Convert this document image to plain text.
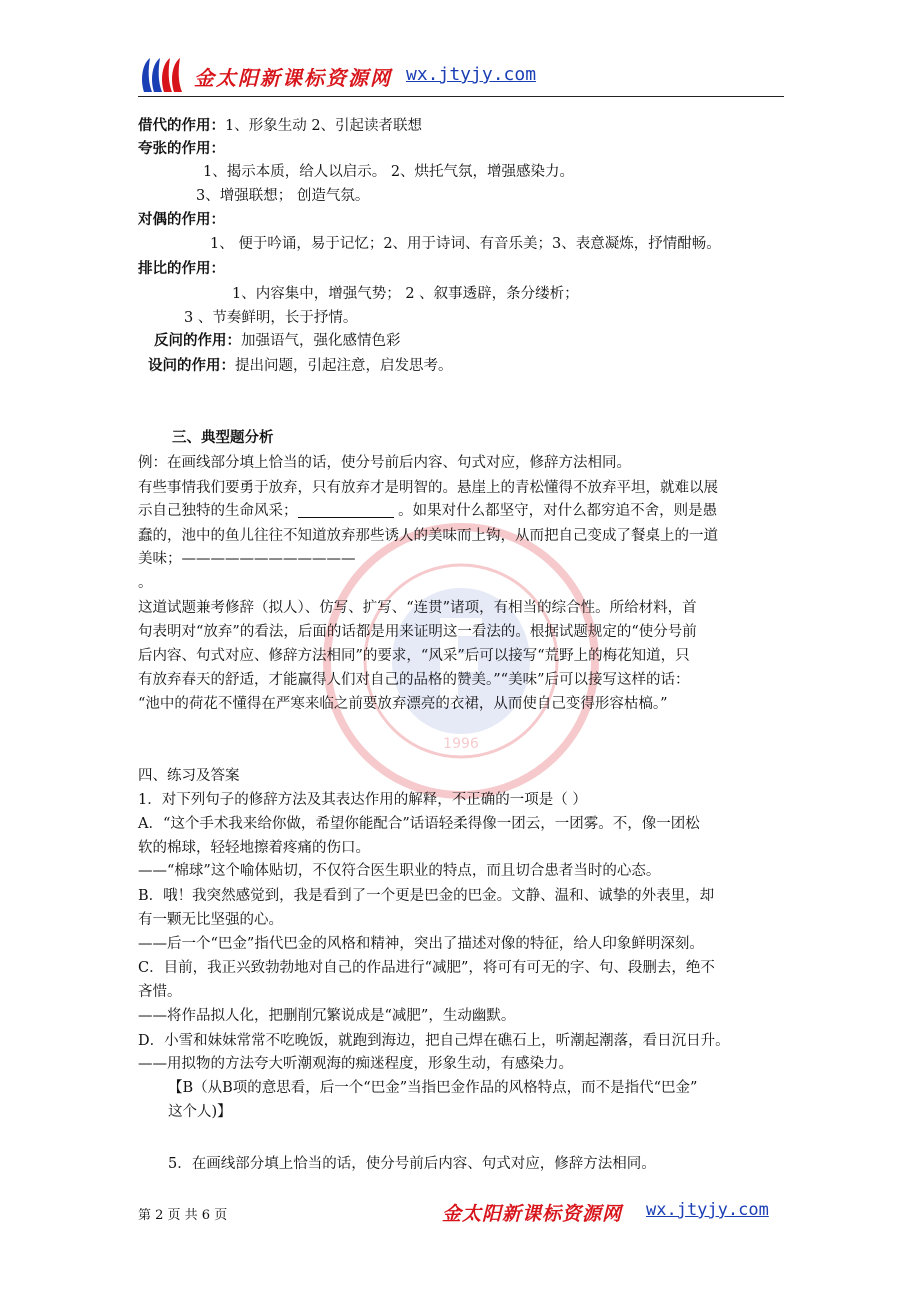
金太阳新课标资源网 wx.jtyjy.com
1996
借代的作用：1、形象生动 2、引起读者联想
夸张的作用：
1、揭示本质，给人以启示。 2、烘托气氛，增强感染力。
3、增强联想； 创造气氛。
对偶的作用：
1、 便于吟诵，易于记忆；2、用于诗词、有音乐美；3、表意凝炼，抒情酣畅。
排比的作用：
1、内容集中，增强气势； 2 、叙事透辟，条分缕析；
3 、节奏鲜明，长于抒情。
反问的作用：加强语气，强化感情色彩
设问的作用：提出问题，引起注意，启发思考。
三、典型题分析
例：在画线部分填上恰当的话，使分号前后内容、句式对应，修辞方法相同。
有些事情我们要勇于放弃，只有放弃才是明智的。悬崖上的青松懂得不放弃平坦，就难以展
示自己独特的生命风采；	。如果对什么都坚守，对什么都穷追不舍，则是愚
蠢的，池中的鱼儿往往不知道放弃那些诱人的美味而上钩，从而把自己变成了餐桌上的一道
美味；————————————
。
这道试题兼考修辞（拟人）、仿写、扩写、“连贯”诸项，有相当的综合性。所给材料，首
句表明对“放弃”的看法，后面的话都是用来证明这一看法的。根据试题规定的“使分号前
后内容、句式对应、修辞方法相同”的要求，“风采”后可以接写“荒野上的梅花知道，只
有放弃春天的舒适，才能赢得人们对自己的品格的赞美。”“美味”后可以接写这样的话：
“池中的荷花不懂得在严寒来临之前要放弃漂亮的衣裙，从而使自己变得形容枯槁。”
四、练习及答案
1．对下列句子的修辞方法及其表达作用的解释，不正确的一项是（ ）
A．“这个手术我来给你做，希望你能配合”话语轻柔得像一团云，一团雾。不，像一团松
软的棉球，轻轻地擦着疼痛的伤口。
——“棉球”这个喻体贴切，不仅符合医生职业的特点，而且切合患者当时的心态。
B．哦！我突然感觉到，我是看到了一个更是巴金的巴金。文静、温和、诚挚的外表里，却
有一颗无比坚强的心。
——后一个“巴金”指代巴金的风格和精神，突出了描述对像的特征，给人印象鲜明深刻。
C．目前，我正兴致勃勃地对自己的作品进行“减肥”，将可有可无的字、句、段删去，绝不
吝惜。
——将作品拟人化，把删削冗繁说成是“减肥”，生动幽默。
D．小雪和妹妹常常不吃晚饭，就跑到海边，把自己焊在礁石上，听潮起潮落，看日沉日升。
——用拟物的方法夸大听潮观海的痴迷程度，形象生动，有感染力。
【B（从B项的意思看，后一个“巴金”当指巴金作品的风格特点，而不是指代“巴金”
这个人)】
5．在画线部分填上恰当的话，使分号前后内容、句式对应，修辞方法相同。
第 2 页 共 6 页	金太阳新课标资源网 wx.jtyjy.com
